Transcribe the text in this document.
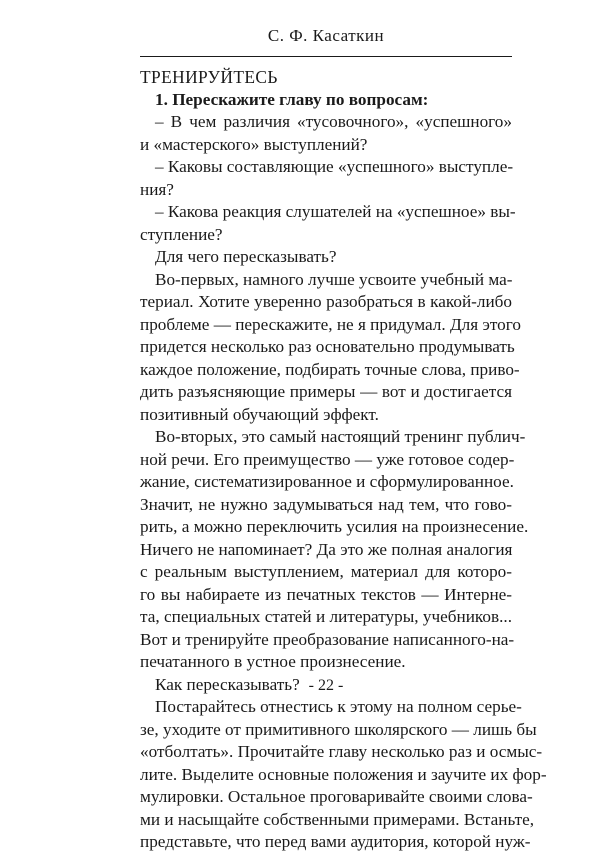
С. Ф. Касаткин
ТРЕНИРУЙТЕСЬ
1. Перескажите главу по вопросам:
– В чем различия «тусовочного», «успешного»
и «мастерского» выступлений?
– Каковы составляющие «успешного» выступле-
ния?
– Какова реакция слушателей на «успешное» вы-
ступление?
Для чего пересказывать?
Во-первых, намного лучше усвоите учебный ма-
териал. Хотите уверенно разобраться в какой-либо
проблеме — перескажите, не я придумал. Для этого
придется несколько раз основательно продумывать
каждое положение, подбирать точные слова, приво-
дить разъясняющие примеры — вот и достигается
позитивный обучающий эффект.
Во-вторых, это самый настоящий тренинг публич-
ной речи. Его преимущество — уже готовое содер-
жание, систематизированное и сформулированное.
Значит, не нужно задумываться над тем, что гово-
рить, а можно переключить усилия на произнесение.
Ничего не напоминает? Да это же полная аналогия
с реальным выступлением, материал для которо-
го вы набираете из печатных текстов — Интерне-
та, специальных статей и литературы, учебников...
Вот и тренируйте преобразование написанного-на-
печатанного в устное произнесение.
Как пересказывать?
Постарайтесь отнестись к этому на полном серье-
зе, уходите от примитивного школярского — лишь бы
«отболтать». Прочитайте главу несколько раз и осмыс-
лите. Выделите основные положения и заучите их фор-
мулировки. Остальное проговаривайте своими слова-
ми и насыщайте собственными примерами. Встаньте,
представьте, что перед вами аудитория, которой нуж-
- 22 -
